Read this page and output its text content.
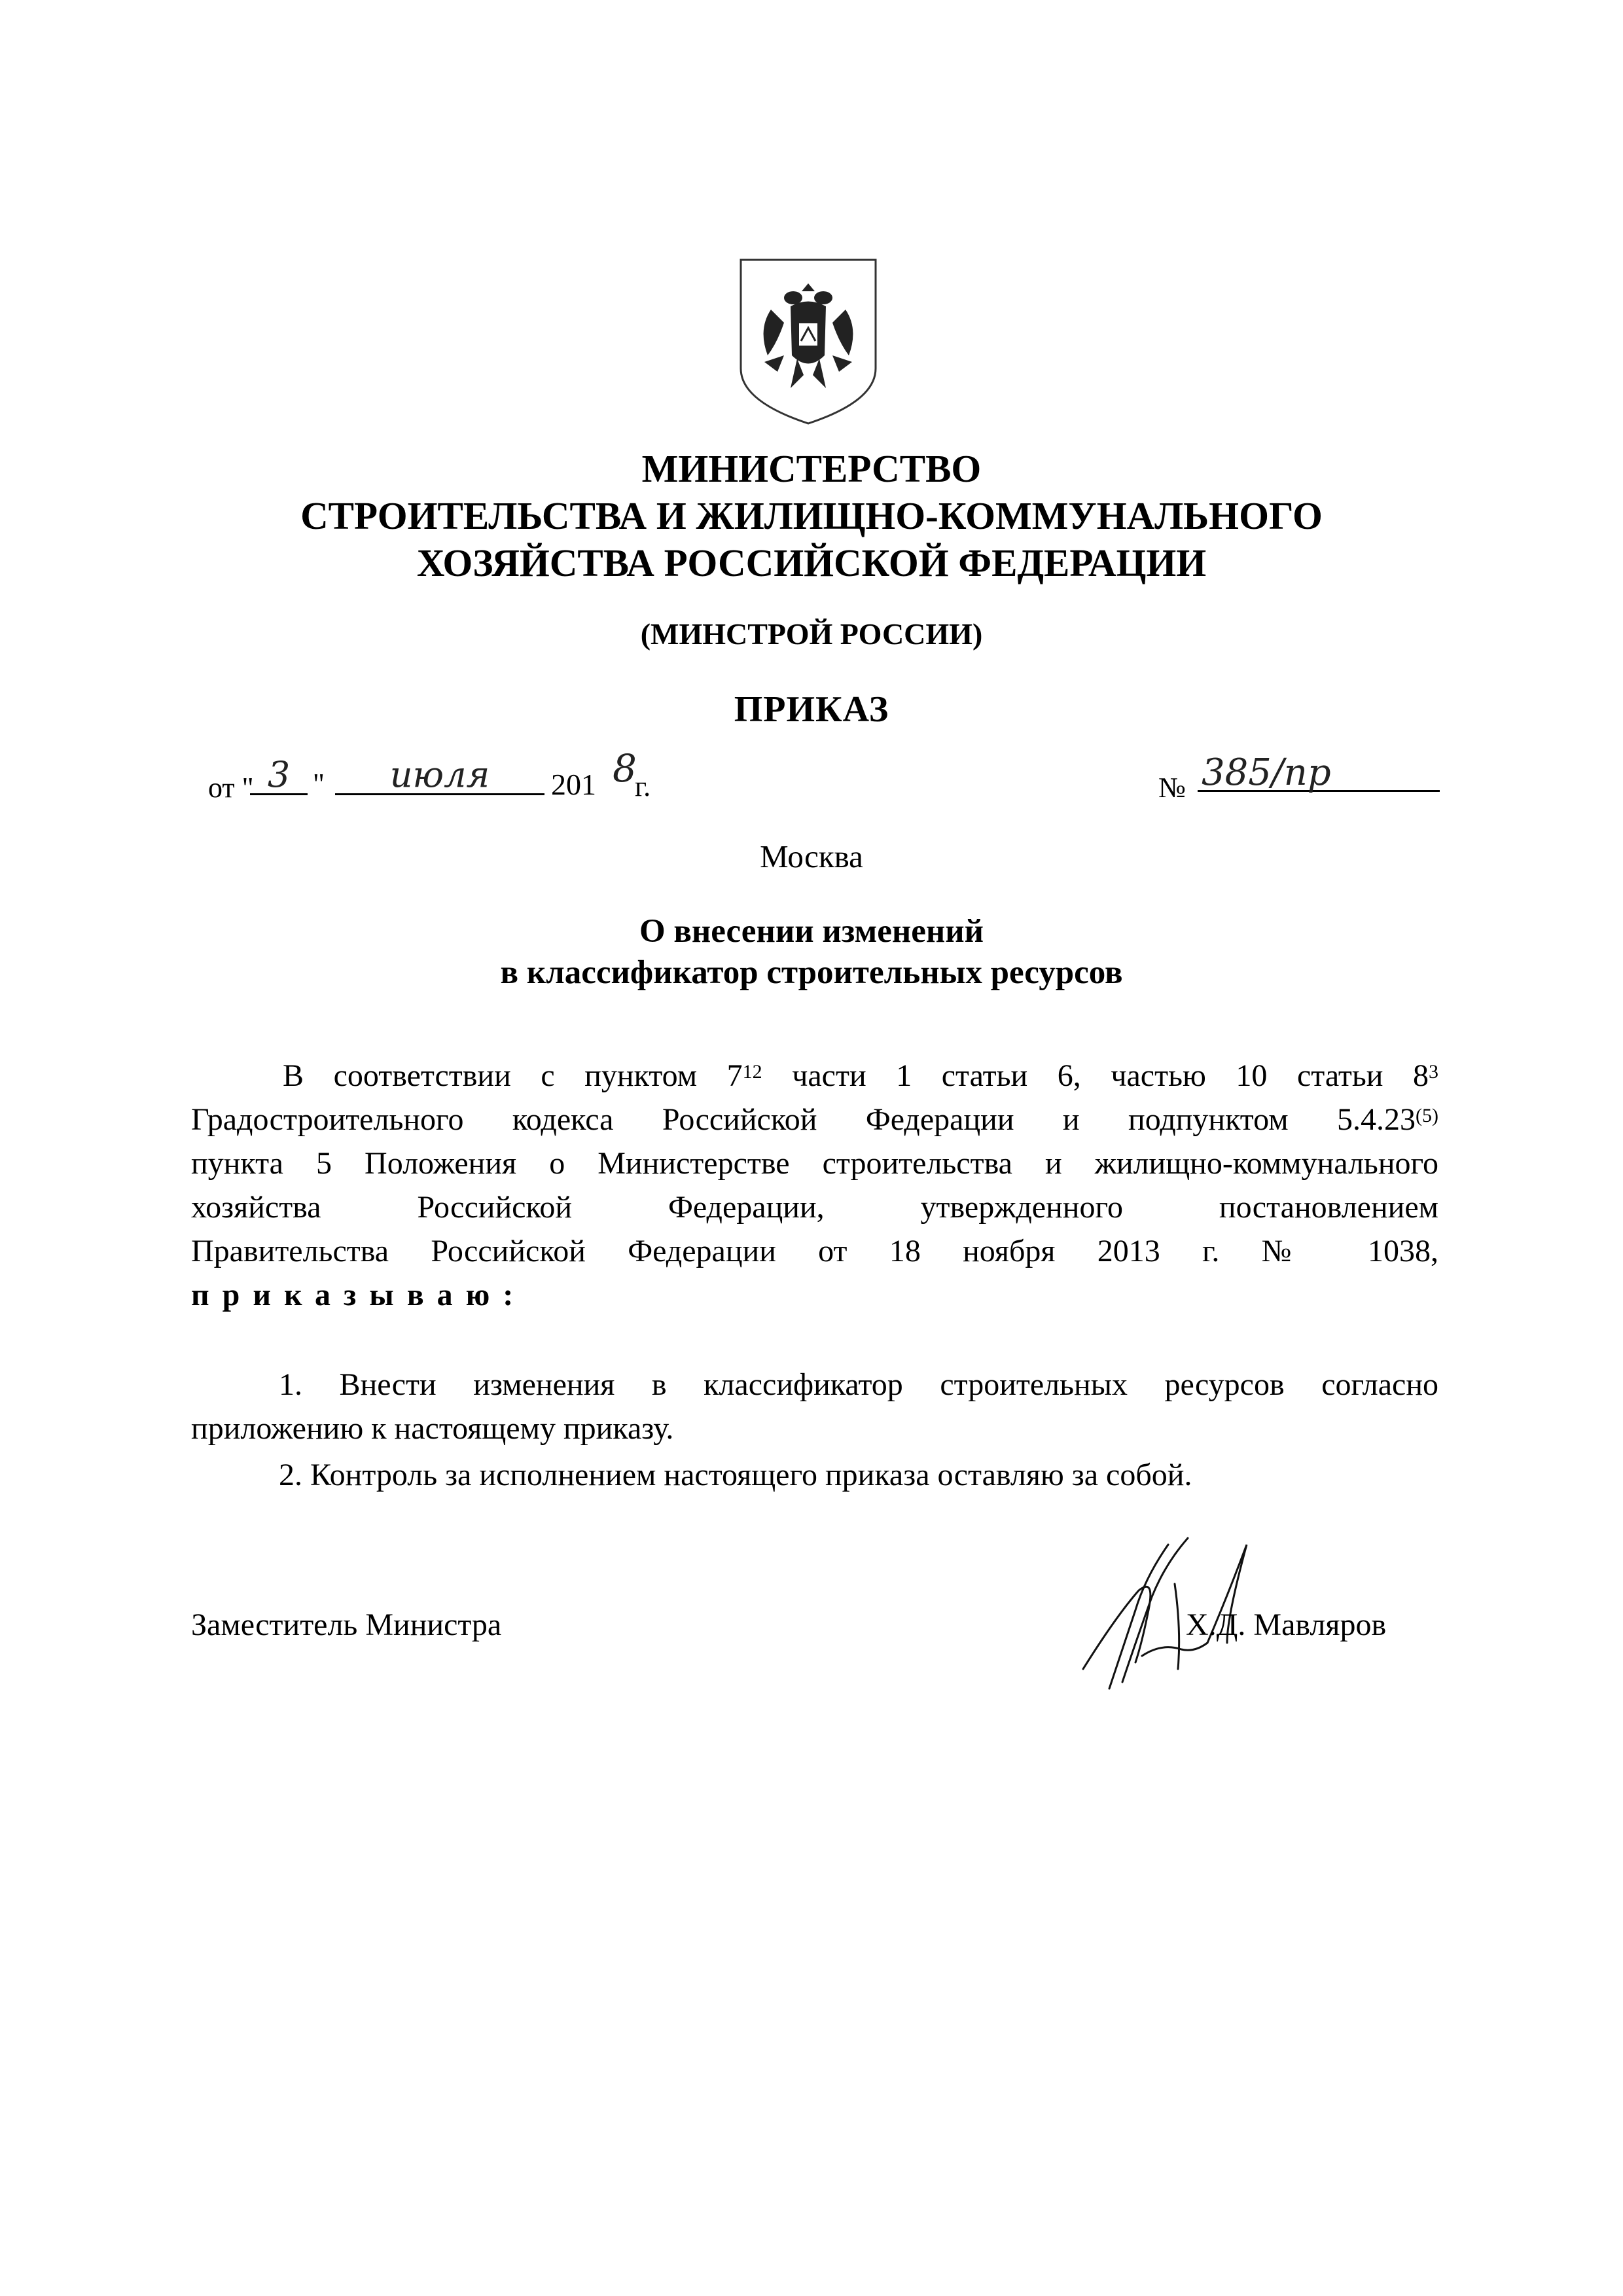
МИНИСТЕРСТВО
СТРОИТЕЛЬСТВА И ЖИЛИЩНО-КОММУНАЛЬНОГО
ХОЗЯЙСТВА РОССИЙСКОЙ ФЕДЕРАЦИИ
(МИНСТРОЙ РОССИИ)
ПРИКАЗ
от " 3 "	июля	201 8
г.	№ 385/пр
Москва
О внесении изменений
в классификатор строительных ресурсов
В соответствии с пунктом $7^{12}$ части 1 статьи 6, частью 10 статьи $8^3$
Градостроительного кодекса Российской Федерации и подпунктом 5.4.23$^{(5)}$
пункта 5 Положения о Министерстве строительства и жилищно-коммунального
хозяйства Российской Федерации, утвержденного постановлением
Правительства Российской Федерации от 18 ноября 2013 г. № 1038,
приказываю:
1. Внести изменения в классификатор строительных ресурсов согласно
приложению к настоящему приказу.
2. Контроль за исполнением настоящего приказа оставляю за собой.
Заместитель Министра	Х.Д. Мавляров
